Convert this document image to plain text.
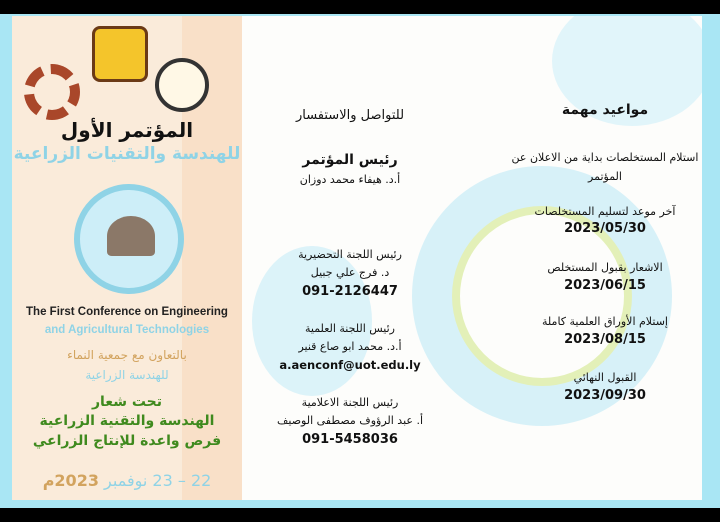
المؤتمر الأول
للهندسة والتقنيات الزراعية
The First Conference on Engineering
and Agricultural Technologies
بالتعاون مع جمعية النماء
للهندسة الزراعية
تحت شعار
الهندسة والتقنية الزراعية
فرص واعدة للإنتاج الزراعي
22 – 23 نوفمبر 2023م
للتواصل والاستفسار
رئيس المؤتمر
أ.د. هيفاء محمد دوزان
رئيس اللجنة التحضيرية
د. فرج علي جبيل
091-2126447
رئيس اللجنة العلمية
أ.د. محمد ابو صاع قنير
a.aenconf@uot.edu.ly
رئيس اللجنة الاعلامية
أ. عبد الرؤوف مصطفى الوصيف
091-5458036
مواعيد مهمة
استلام المستخلصات بداية من الاعلان عن المؤتمر
آخر موعد لتسليم المستخلصات
2023/05/30
الاشعار بقبول المستخلص
2023/06/15
إستلام الأوراق العلمية كاملة
2023/08/15
القبول النهائي
2023/09/30
